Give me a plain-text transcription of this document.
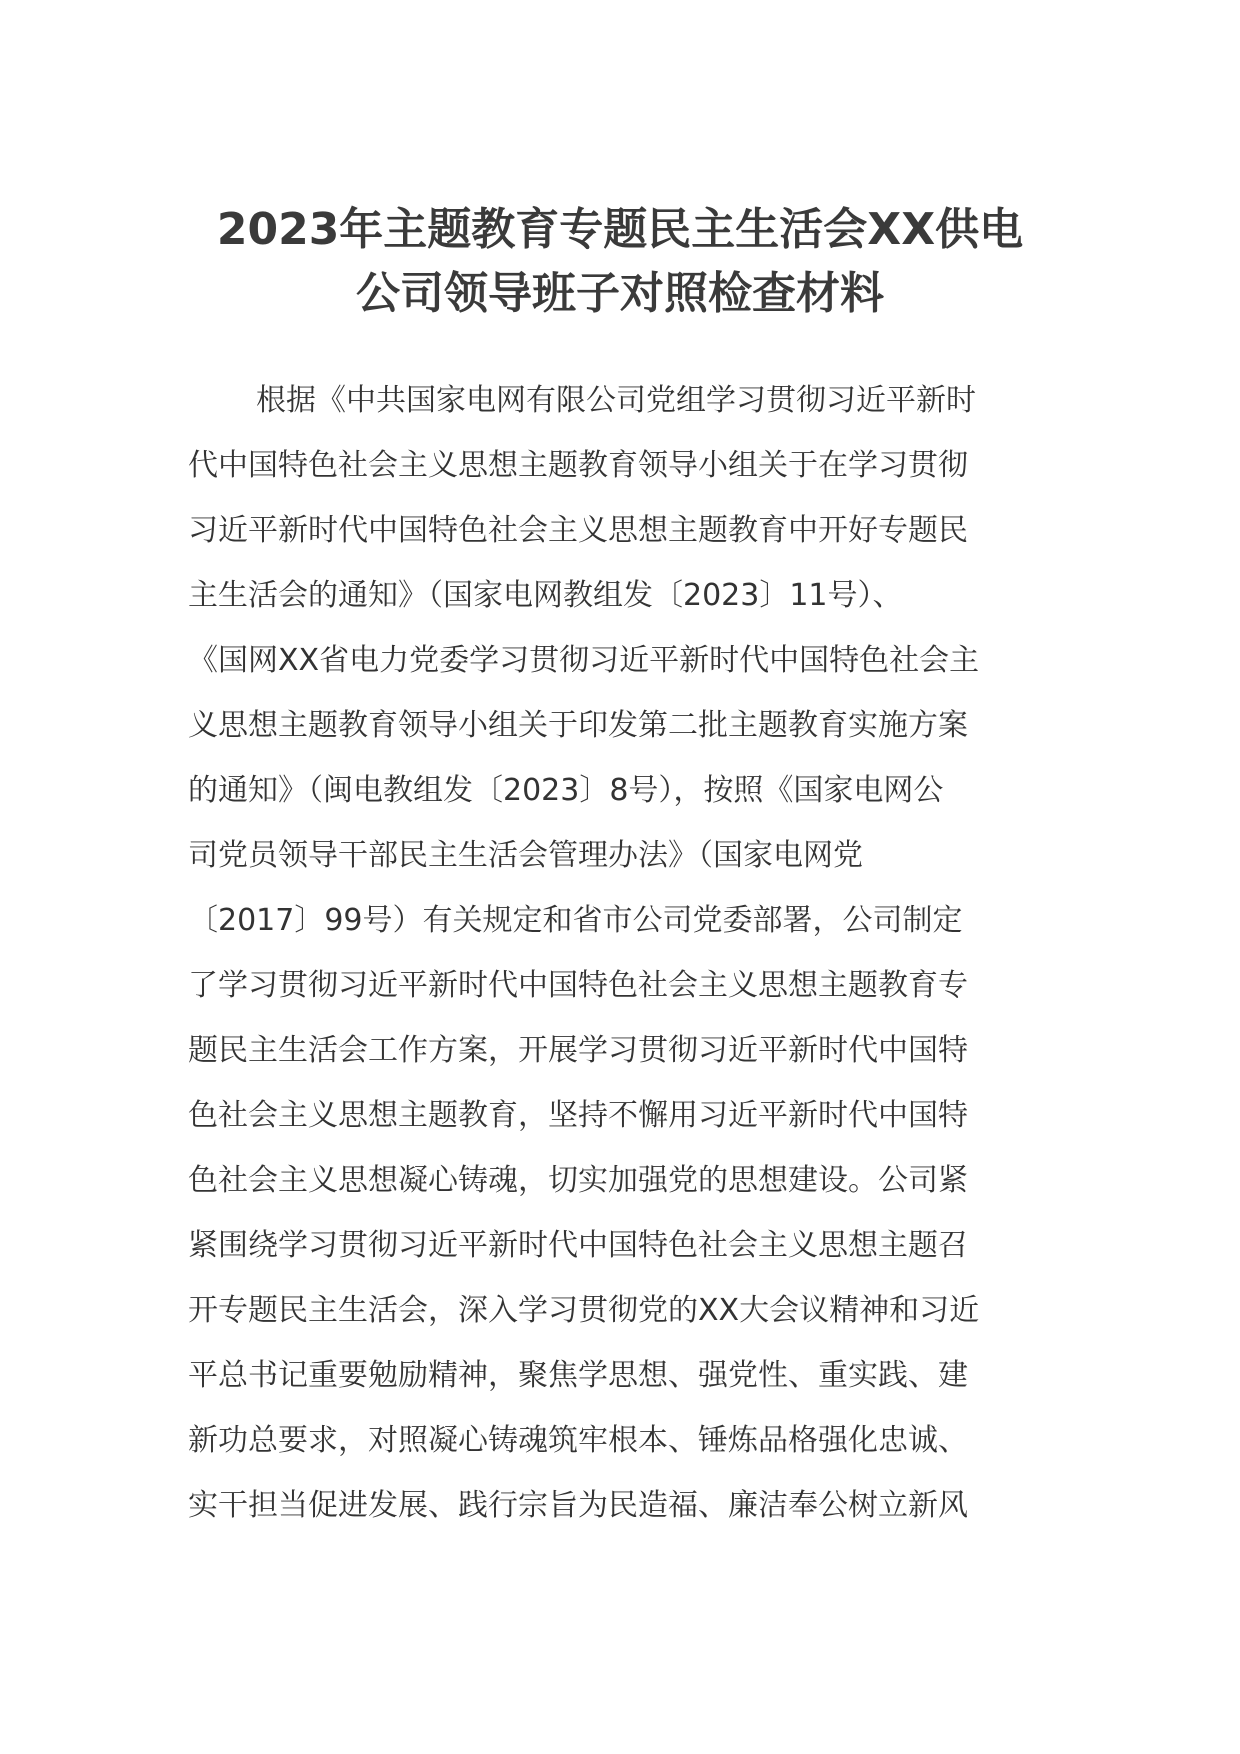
2023年主题教育专题民主生活会XX供电
公司领导班子对照检查材料
根据《中共国家电网有限公司党组学习贯彻习近平新时
代中国特色社会主义思想主题教育领导小组关于在学习贯彻
习近平新时代中国特色社会主义思想主题教育中开好专题民
主生活会的通知》（国家电网教组发〔2023〕11号）、
《国网XX省电力党委学习贯彻习近平新时代中国特色社会主
义思想主题教育领导小组关于印发第二批主题教育实施方案
的通知》（闽电教组发〔2023〕8号），按照《国家电网公
司党员领导干部民主生活会管理办法》（国家电网党
〔2017〕99号）有关规定和省市公司党委部署，公司制定
了学习贯彻习近平新时代中国特色社会主义思想主题教育专
题民主生活会工作方案，开展学习贯彻习近平新时代中国特
色社会主义思想主题教育，坚持不懈用习近平新时代中国特
色社会主义思想凝心铸魂，切实加强党的思想建设。公司紧
紧围绕学习贯彻习近平新时代中国特色社会主义思想主题召
开专题民主生活会，深入学习贯彻党的XX大会议精神和习近
平总书记重要勉励精神，聚焦学思想、强党性、重实践、建
新功总要求，对照凝心铸魂筑牢根本、锤炼品格强化忠诚、
实干担当促进发展、践行宗旨为民造福、廉洁奉公树立新风
